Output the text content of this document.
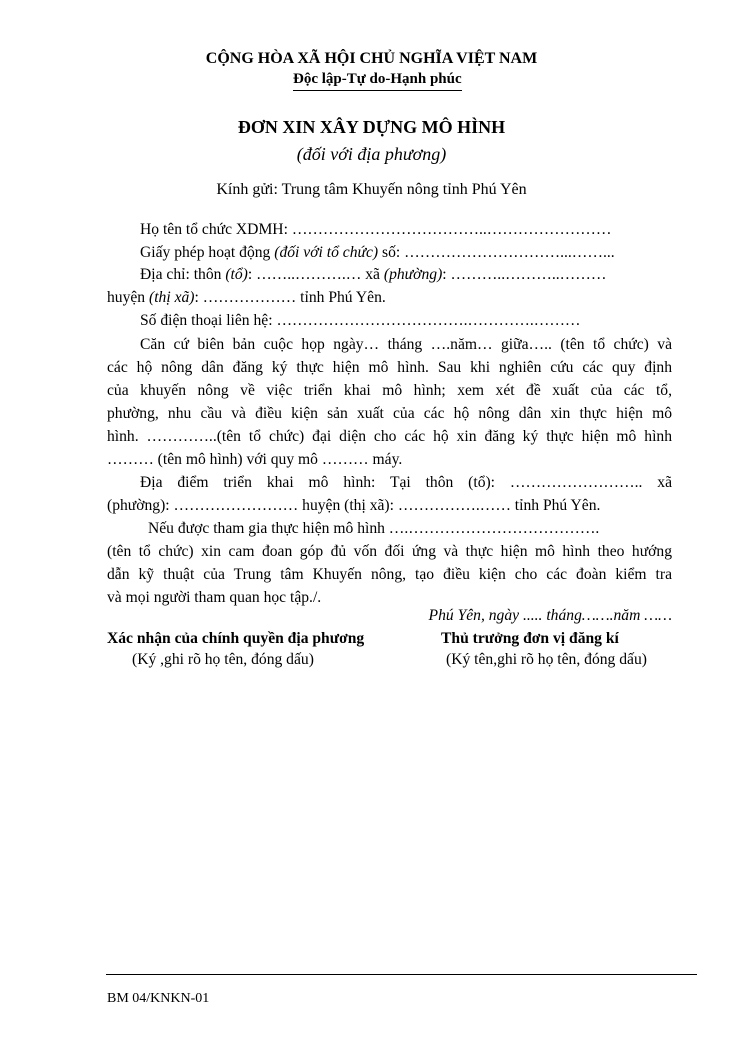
CỘNG HÒA XÃ HỘI CHỦ NGHĨA VIỆT NAM
Độc lập-Tự do-Hạnh phúc
ĐƠN XIN XÂY DỰNG MÔ HÌNH
(đối với địa phương)
Kính gửi: Trung tâm Khuyến nông tỉnh Phú Yên
Họ tên tổ chức XDMH: ………………………………..……………………
Giấy phép hoạt động (đối với tổ chức) số: …………………………...……...
Địa chỉ: thôn (tổ): ……..……….… xã (phường): ………..………..………
huyện (thị xã): ……………… tỉnh Phú Yên.
Số điện thoại liên hệ: ……………………………….………….………
Căn cứ biên bản cuộc họp ngày… tháng ….năm… giữa….. (tên tổ chức) và
các hộ nông dân đăng ký thực hiện mô hình. Sau khi nghiên cứu các quy định
của khuyến nông về việc triển khai mô hình; xem xét đề xuất của các tổ,
phường, nhu cầu và điều kiện sản xuất của các hộ nông dân xin thực hiện mô
hình. …………..(tên tổ chức) đại diện cho các hộ xin đăng ký thực hiện mô hình
……… (tên mô hình) với quy mô ……… máy.
Địa điểm triển khai mô hình: Tại thôn (tổ): …………………….. xã
(phường): …………………… huyện (thị xã): …………….…… tỉnh Phú Yên.
Nếu được tham gia thực hiện mô hình ….……………………………….
(tên tổ chức) xin cam đoan góp đủ vốn đối ứng và thực hiện mô hình theo hướng
dẫn kỹ thuật của Trung tâm Khuyến nông, tạo điều kiện cho các đoàn kiểm tra
và mọi người tham quan học tập./.
Phú Yên, ngày ..... tháng…….năm ……
Xác nhận của chính quyền địa phương	Thủ trưởng đơn vị đăng kí
(Ký ,ghi rõ họ tên, đóng dấu)	(Ký tên,ghi rõ họ tên, đóng dấu)
BM 04/KNKN-01
